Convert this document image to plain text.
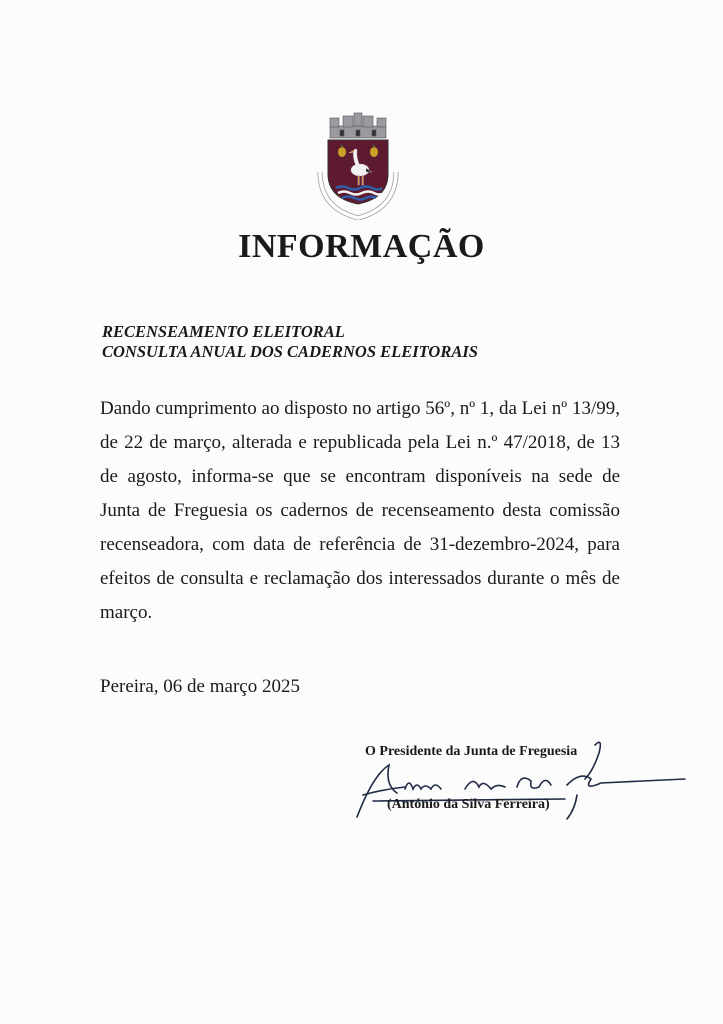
INFORMAÇÃO
RECENSEAMENTO ELEITORAL
CONSULTA ANUAL DOS CADERNOS ELEITORAIS

Dando cumprimento ao disposto no artigo 56º, nº 1, da Lei nº 13/99, de 22 de março, alterada e republicada pela Lei n.º 47/2018, de 13 de agosto, informa-se que se encontram disponíveis na sede de Junta de Freguesia os cadernos de recenseamento desta comissão recenseadora, com data de referência de 31-dezembro-2024, para efeitos de consulta e reclamação dos interessados durante o mês de março.

Pereira, 06 de março 2025

O Presidente da Junta de Freguesia
(António da Silva Ferreira)
